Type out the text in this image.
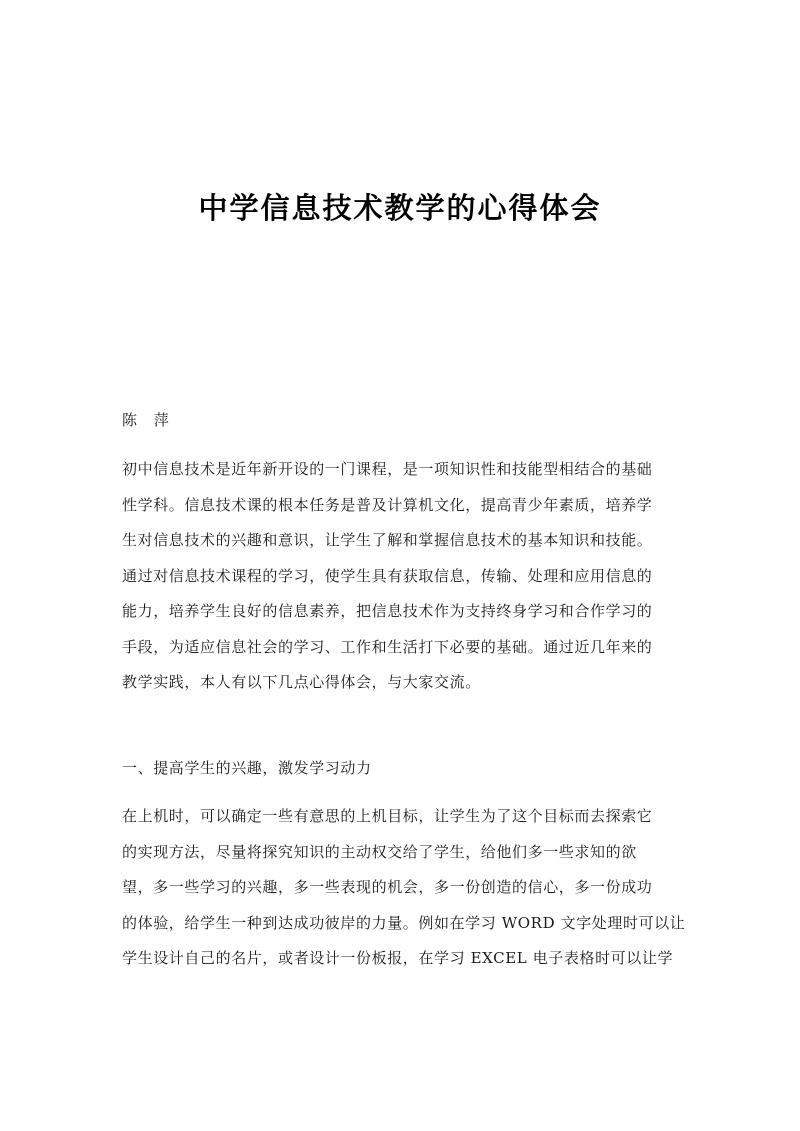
中学信息技术教学的心得体会

陈 萍

初中信息技术是近年新开设的一门课程，是一项知识性和技能型相结合的基础
性学科。信息技术课的根本任务是普及计算机文化，提高青少年素质，培养学
生对信息技术的兴趣和意识，让学生了解和掌握信息技术的基本知识和技能。
通过对信息技术课程的学习，使学生具有获取信息，传输、处理和应用信息的
能力，培养学生良好的信息素养，把信息技术作为支持终身学习和合作学习的
手段，为适应信息社会的学习、工作和生活打下必要的基础。通过近几年来的
教学实践，本人有以下几点心得体会，与大家交流。

一、提高学生的兴趣，激发学习动力

在上机时，可以确定一些有意思的上机目标，让学生为了这个目标而去探索它
的实现方法，尽量将探究知识的主动权交给了学生，给他们多一些求知的欲
望，多一些学习的兴趣，多一些表现的机会，多一份创造的信心，多一份成功
的体验，给学生一种到达成功彼岸的力量。例如在学习 WORD 文字处理时可以让
学生设计自己的名片，或者设计一份板报，在学习 EXCEL 电子表格时可以让学
